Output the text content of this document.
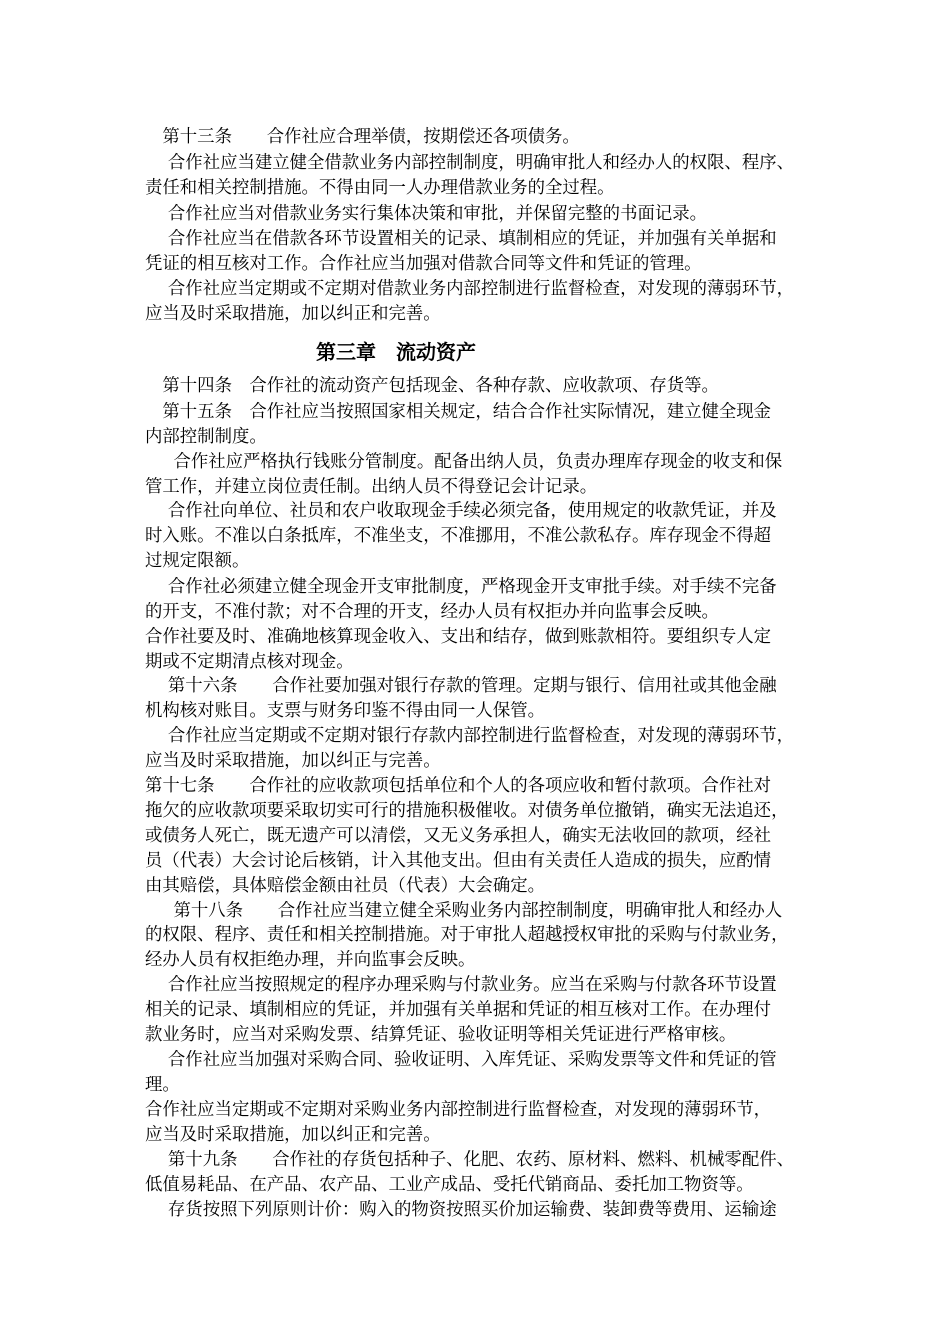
　第十三条　　合作社应合理举债，按期偿还各项债务。
　 合作社应当建立健全借款业务内部控制制度，明确审批人和经办人的权限、程序、
责任和相关控制措施。不得由同一人办理借款业务的全过程。
　 合作社应当对借款业务实行集体决策和审批，并保留完整的书面记录。
　 合作社应当在借款各环节设置相关的记录、填制相应的凭证，并加强有关单据和
凭证的相互核对工作。合作社应当加强对借款合同等文件和凭证的管理。
　 合作社应当定期或不定期对借款业务内部控制进行监督检查，对发现的薄弱环节，
应当及时采取措施，加以纠正和完善。
第三章　流动资产
　第十四条　合作社的流动资产包括现金、各种存款、应收款项、存货等。
　第十五条　合作社应当按照国家相关规定，结合合作社实际情况，建立健全现金
内部控制制度。
　  合作社应严格执行钱账分管制度。配备出纳人员，负责办理库存现金的收支和保
管工作，并建立岗位责任制。出纳人员不得登记会计记录。
　 合作社向单位、社员和农户收取现金手续必须完备，使用规定的收款凭证，并及
时入账。不准以白条抵库，不准坐支，不准挪用，不准公款私存。库存现金不得超
过规定限额。
　 合作社必须建立健全现金开支审批制度，严格现金开支审批手续。对手续不完备
的开支，不准付款；对不合理的开支，经办人员有权拒办并向监事会反映。
合作社要及时、准确地核算现金收入、支出和结存，做到账款相符。要组织专人定
期或不定期清点核对现金。
　 第十六条　　合作社要加强对银行存款的管理。定期与银行、信用社或其他金融
机构核对账目。支票与财务印鉴不得由同一人保管。
　 合作社应当定期或不定期对银行存款内部控制进行监督检查，对发现的薄弱环节，
应当及时采取措施，加以纠正与完善。
第十七条　　合作社的应收款项包括单位和个人的各项应收和暂付款项。合作社对
拖欠的应收款项要采取切实可行的措施积极催收。对债务单位撤销，确实无法追还，
或债务人死亡，既无遗产可以清偿，又无义务承担人，确实无法收回的款项，经社
员（代表）大会讨论后核销，计入其他支出。但由有关责任人造成的损失，应酌情
由其赔偿，具体赔偿金额由社员（代表）大会确定。
　  第十八条　　合作社应当建立健全采购业务内部控制制度，明确审批人和经办人
的权限、程序、责任和相关控制措施。对于审批人超越授权审批的采购与付款业务，
经办人员有权拒绝办理，并向监事会反映。
　 合作社应当按照规定的程序办理采购与付款业务。应当在采购与付款各环节设置
相关的记录、填制相应的凭证，并加强有关单据和凭证的相互核对工作。在办理付
款业务时，应当对采购发票、结算凭证、验收证明等相关凭证进行严格审核。
　 合作社应当加强对采购合同、验收证明、入库凭证、采购发票等文件和凭证的管
理。
合作社应当定期或不定期对采购业务内部控制进行监督检查，对发现的薄弱环节，
应当及时采取措施，加以纠正和完善。
　 第十九条　　合作社的存货包括种子、化肥、农药、原材料、燃料、机械零配件、
低值易耗品、在产品、农产品、工业产成品、受托代销商品、委托加工物资等。
　 存货按照下列原则计价：购入的物资按照买价加运输费、装卸费等费用、运输途
